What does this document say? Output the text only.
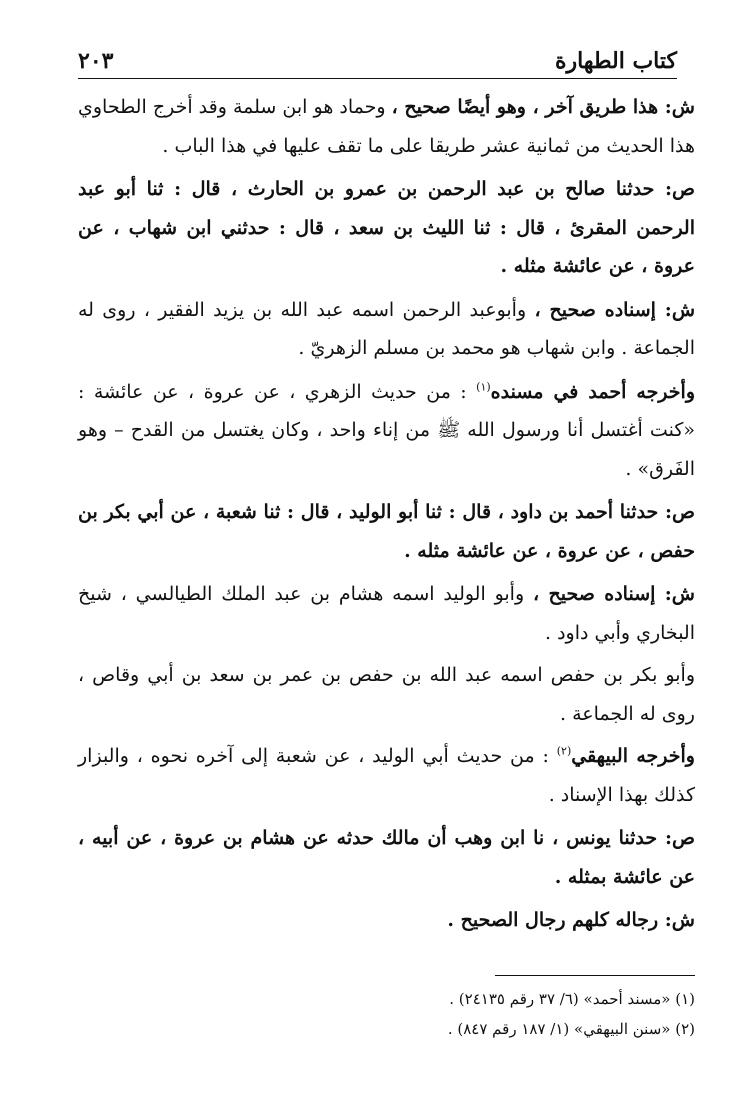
كتاب الطهارة
٢٠٣

ش: هذا طريق آخر ، وهو أيضًا صحيح ، وحماد هو ابن سلمة وقد أخرج الطحاوي هذا الحديث من ثمانية عشر طريقا على ما تقف عليها في هذا الباب .

ص: حدثنا صالح بن عبد الرحمن بن عمرو بن الحارث ، قال : ثنا أبو عبد الرحمن المقرئ ، قال : ثنا الليث بن سعد ، قال : حدثني ابن شهاب ، عن عروة ، عن عائشة مثله .

ش: إسناده صحيح ، وأبوعبد الرحمن اسمه عبد الله بن يزيد الفقير ، روى له الجماعة . وابن شهاب هو محمد بن مسلم الزهريّ .

وأخرجه أحمد في مسنده$^{(١)}$ : من حديث الزهري ، عن عروة ، عن عائشة : «كنت أغتسل أنا ورسول الله ﷺ من إناء واحد ، وكان يغتسل من القدح – وهو الفَرق» .

ص: حدثنا أحمد بن داود ، قال : ثنا أبو الوليد ، قال : ثنا شعبة ، عن أبي بكر بن حفص ، عن عروة ، عن عائشة مثله .

ش: إسناده صحيح ، وأبو الوليد اسمه هشام بن عبد الملك الطيالسي ، شيخ البخاري وأبي داود .

وأبو بكر بن حفص اسمه عبد الله بن حفص بن عمر بن سعد بن أبي وقاص ، روى له الجماعة .

وأخرجه البيهقي$^{(٢)}$ : من حديث أبي الوليد ، عن شعبة إلى آخره نحوه ، والبزار كذلك بهذا الإسناد .

ص: حدثنا يونس ، نا ابن وهب أن مالك حدثه عن هشام بن عروة ، عن أبيه ، عن عائشة بمثله .

ش: رجاله كلهم رجال الصحيح .

(١) «مسند أحمد» (٦/ ٣٧ رقم ٢٤١٣٥) .

(٢) «سنن البيهقي» (١/ ١٨٧ رقم ٨٤٧) .
